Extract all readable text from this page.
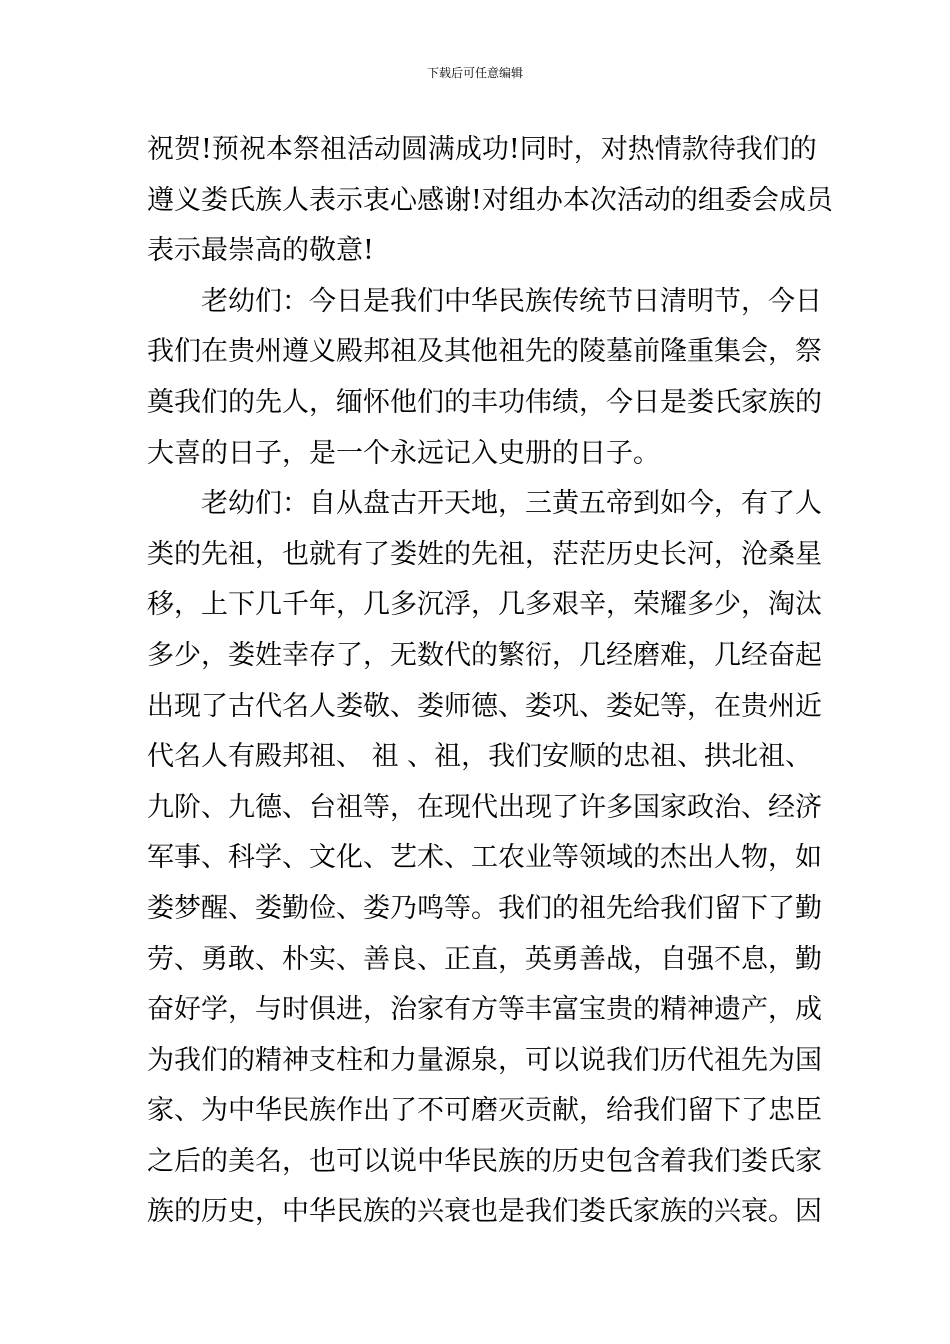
下载后可任意编辑
祝贺!预祝本祭祖活动圆满成功!同时，对热情款待我们的
遵义娄氏族人表示衷心感谢!对组办本次活动的组委会成员
表示最崇高的敬意!
老幼们：今日是我们中华民族传统节日清明节，今日
我们在贵州遵义殿邦祖及其他祖先的陵墓前隆重集会，祭
奠我们的先人，缅怀他们的丰功伟绩，今日是娄氏家族的
大喜的日子，是一个永远记入史册的日子。
老幼们：自从盘古开天地，三黄五帝到如今，有了人
类的先祖，也就有了娄姓的先祖，茫茫历史长河，沧桑星
移，上下几千年，几多沉浮，几多艰辛，荣耀多少，淘汰
多少，娄姓幸存了，无数代的繁衍，几经磨难，几经奋起
出现了古代名人娄敬、娄师德、娄巩、娄妃等，在贵州近
代名人有殿邦祖、 祖 、祖，我们安顺的忠祖、拱北祖、
九阶、九德、台祖等，在现代出现了许多国家政治、经济
军事、科学、文化、艺术、工农业等领域的杰出人物，如
娄梦醒、娄勤俭、娄乃鸣等。我们的祖先给我们留下了勤
劳、勇敢、朴实、善良、正直，英勇善战，自强不息，勤
奋好学，与时俱进，治家有方等丰富宝贵的精神遗产，成
为我们的精神支柱和力量源泉，可以说我们历代祖先为国
家、为中华民族作出了不可磨灭贡献，给我们留下了忠臣
之后的美名，也可以说中华民族的历史包含着我们娄氏家
族的历史，中华民族的兴衰也是我们娄氏家族的兴衰。因
